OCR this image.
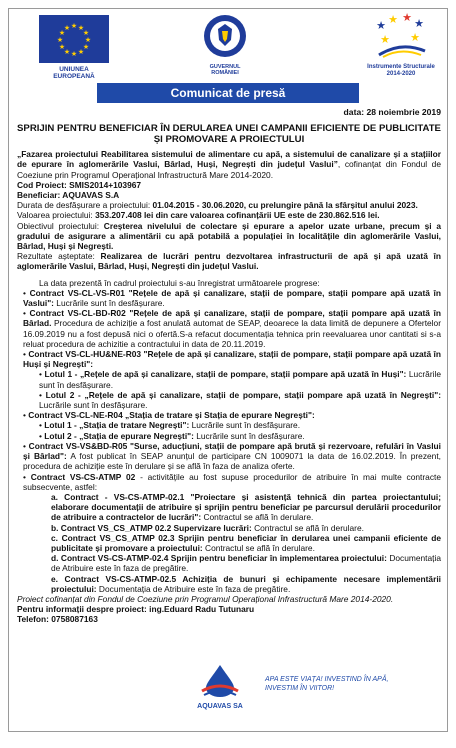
★ ★
★
★
★
★
★
★
★
★
★
★
UNIUNEA EUROPEANĂ
GUVERNUL
ROMÂNIEI
★ ★ ★ ★
★ ★
Instrumente Structurale
2014-2020
Comunicat de presă
data: 28 noiembrie 2019
SPRIJIN PENTRU BENEFICIAR ÎN DERULAREA UNEI CAMPANII EFICIENTE DE PUBLICITATE ȘI PROMOVARE A PROIECTULUI

„Fazarea proiectului Reabilitarea sistemului de alimentare cu apă, a sistemului de canalizare și a stațiilor de epurare în aglomerările Vaslui, Bârlad, Huși, Negrești din județul Vaslui”, cofinanțat din Fondul de Coeziune prin Programul Operațional Infrastructură Mare 2014-2020.

Cod Proiect: SMIS2014+103967

Beneficiar: AQUAVAS S.A

Durata de desfășurare a proiectului: 01.04.2015 - 30.06.2020, cu prelungire până la sfârșitul anului 2023.

Valoarea proiectului: 353.207.408 lei din care valoarea cofinanțării UE este de 230.862.516 lei.

Obiectivul proiectului: Creșterea nivelului de colectare și epurare a apelor uzate urbane, precum și a gradului de asigurare a alimentării cu apă potabilă a populației în localitățile din aglomerările Vaslui, Bârlad, Huși și Negrești.

Rezultate așteptate: Realizarea de lucrări pentru dezvoltarea infrastructurii de apă și apă uzată în aglomerările Vaslui, Bârlad, Huși, Negrești din județul Vaslui.

La data prezentă în cadrul proiectului s-au înregistrat următoarele progrese:

• Contract VS-CL-VS-R01 "Rețele de apă și canalizare, stații de pompare, stații pompare apă uzată în Vaslui": Lucrările sunt în desfășurare.

• Contract VS-CL-BD-R02 "Rețele de apă și canalizare, stații de pompare, stații pompare apă uzată în Bârlad. Procedura de achiziție a fost anulată automat de SEAP, deoarece la data limită de depunere a Ofertelor 16.09.2019 nu a fost depusă nici o ofertă.S-a refacut documentația tehnica prin reevaluarea unor cantitati si s-a reluat procedura de achizitie a contractului in data de 20.11.2019.

• Contract VS-CL-HU&NE-R03 "Rețele de apă și canalizare, stații de pompare, stații pompare apă uzată în Huși și Negrești":

• Lotul 1 - „Rețele de apă și canalizare, stații de pompare, stații pompare apă uzată în Huși": Lucrările sunt în desfășurare.

• Lotul 2 - „Rețele de apă și canalizare, stații de pompare, stații pompare apă uzată în Negrești": Lucrările sunt în desfășurare.

• Contract VS-CL-NE-R04 „Stația de tratare și Stația de epurare Negrești":

• Lotul 1 - „Stația de tratare Negrești": Lucrările sunt în desfășurare.

• Lotul 2 - „Stația de epurare Negrești": Lucrările sunt în desfășurare.

• Contract VS-VS&BD-R05 "Surse, aducțiuni, stații de pompare apă brută și rezervoare, refulări în Vaslui și Bârlad": A fost publicat în SEAP anunțul de participare CN 1009071 la data de 16.02.2019. În prezent, procedura de achiziție este în derulare și se află în faza de analiza oferte.

• Contract VS-CS-ATMP 02 - activitățile au fost supuse procedurilor de atribuire în mai multe contracte subsecvente, astfel:

a. Contract - VS-CS-ATMP-02.1 "Proiectare și asistență tehnică din partea proiectantului; elaborare documentații de atribuire și sprijin pentru beneficiar pe parcursul derulării procedurilor de atribuire a contractelor de lucrări": Contractul se află în derulare.

b. Contract VS_CS_ATMP 02.2 Supervizare lucrări: Contractul se află în derulare.

c. Contract VS_CS_ATMP 02.3 Sprijin pentru beneficiar în derularea unei campanii eficiente de publicitate și promovare a proiectului: Contractul se află în derulare.

d. Contract VS-CS-ATMP-02.4 Sprijin pentru beneficiar în implementarea proiectului: Documentația de Atribuire este în faza de pregătire.

e. Contract VS-CS-ATMP-02.5 Achiziția de bunuri și echipamente necesare implementării proiectului: Documentația de Atribuire este în faza de pregătire.

Proiect cofinanțat din Fondul de Coeziune prin Programul Operațional Infrastructură Mare 2014-2020.

Pentru informații despre proiect: ing.Eduard Radu Tutunaru

Telefon: 0758087163

AQUAVAS SA
APA ESTE VIAȚA! INVESTIND ÎN APĂ,
INVESTIM ÎN VIITOR!
